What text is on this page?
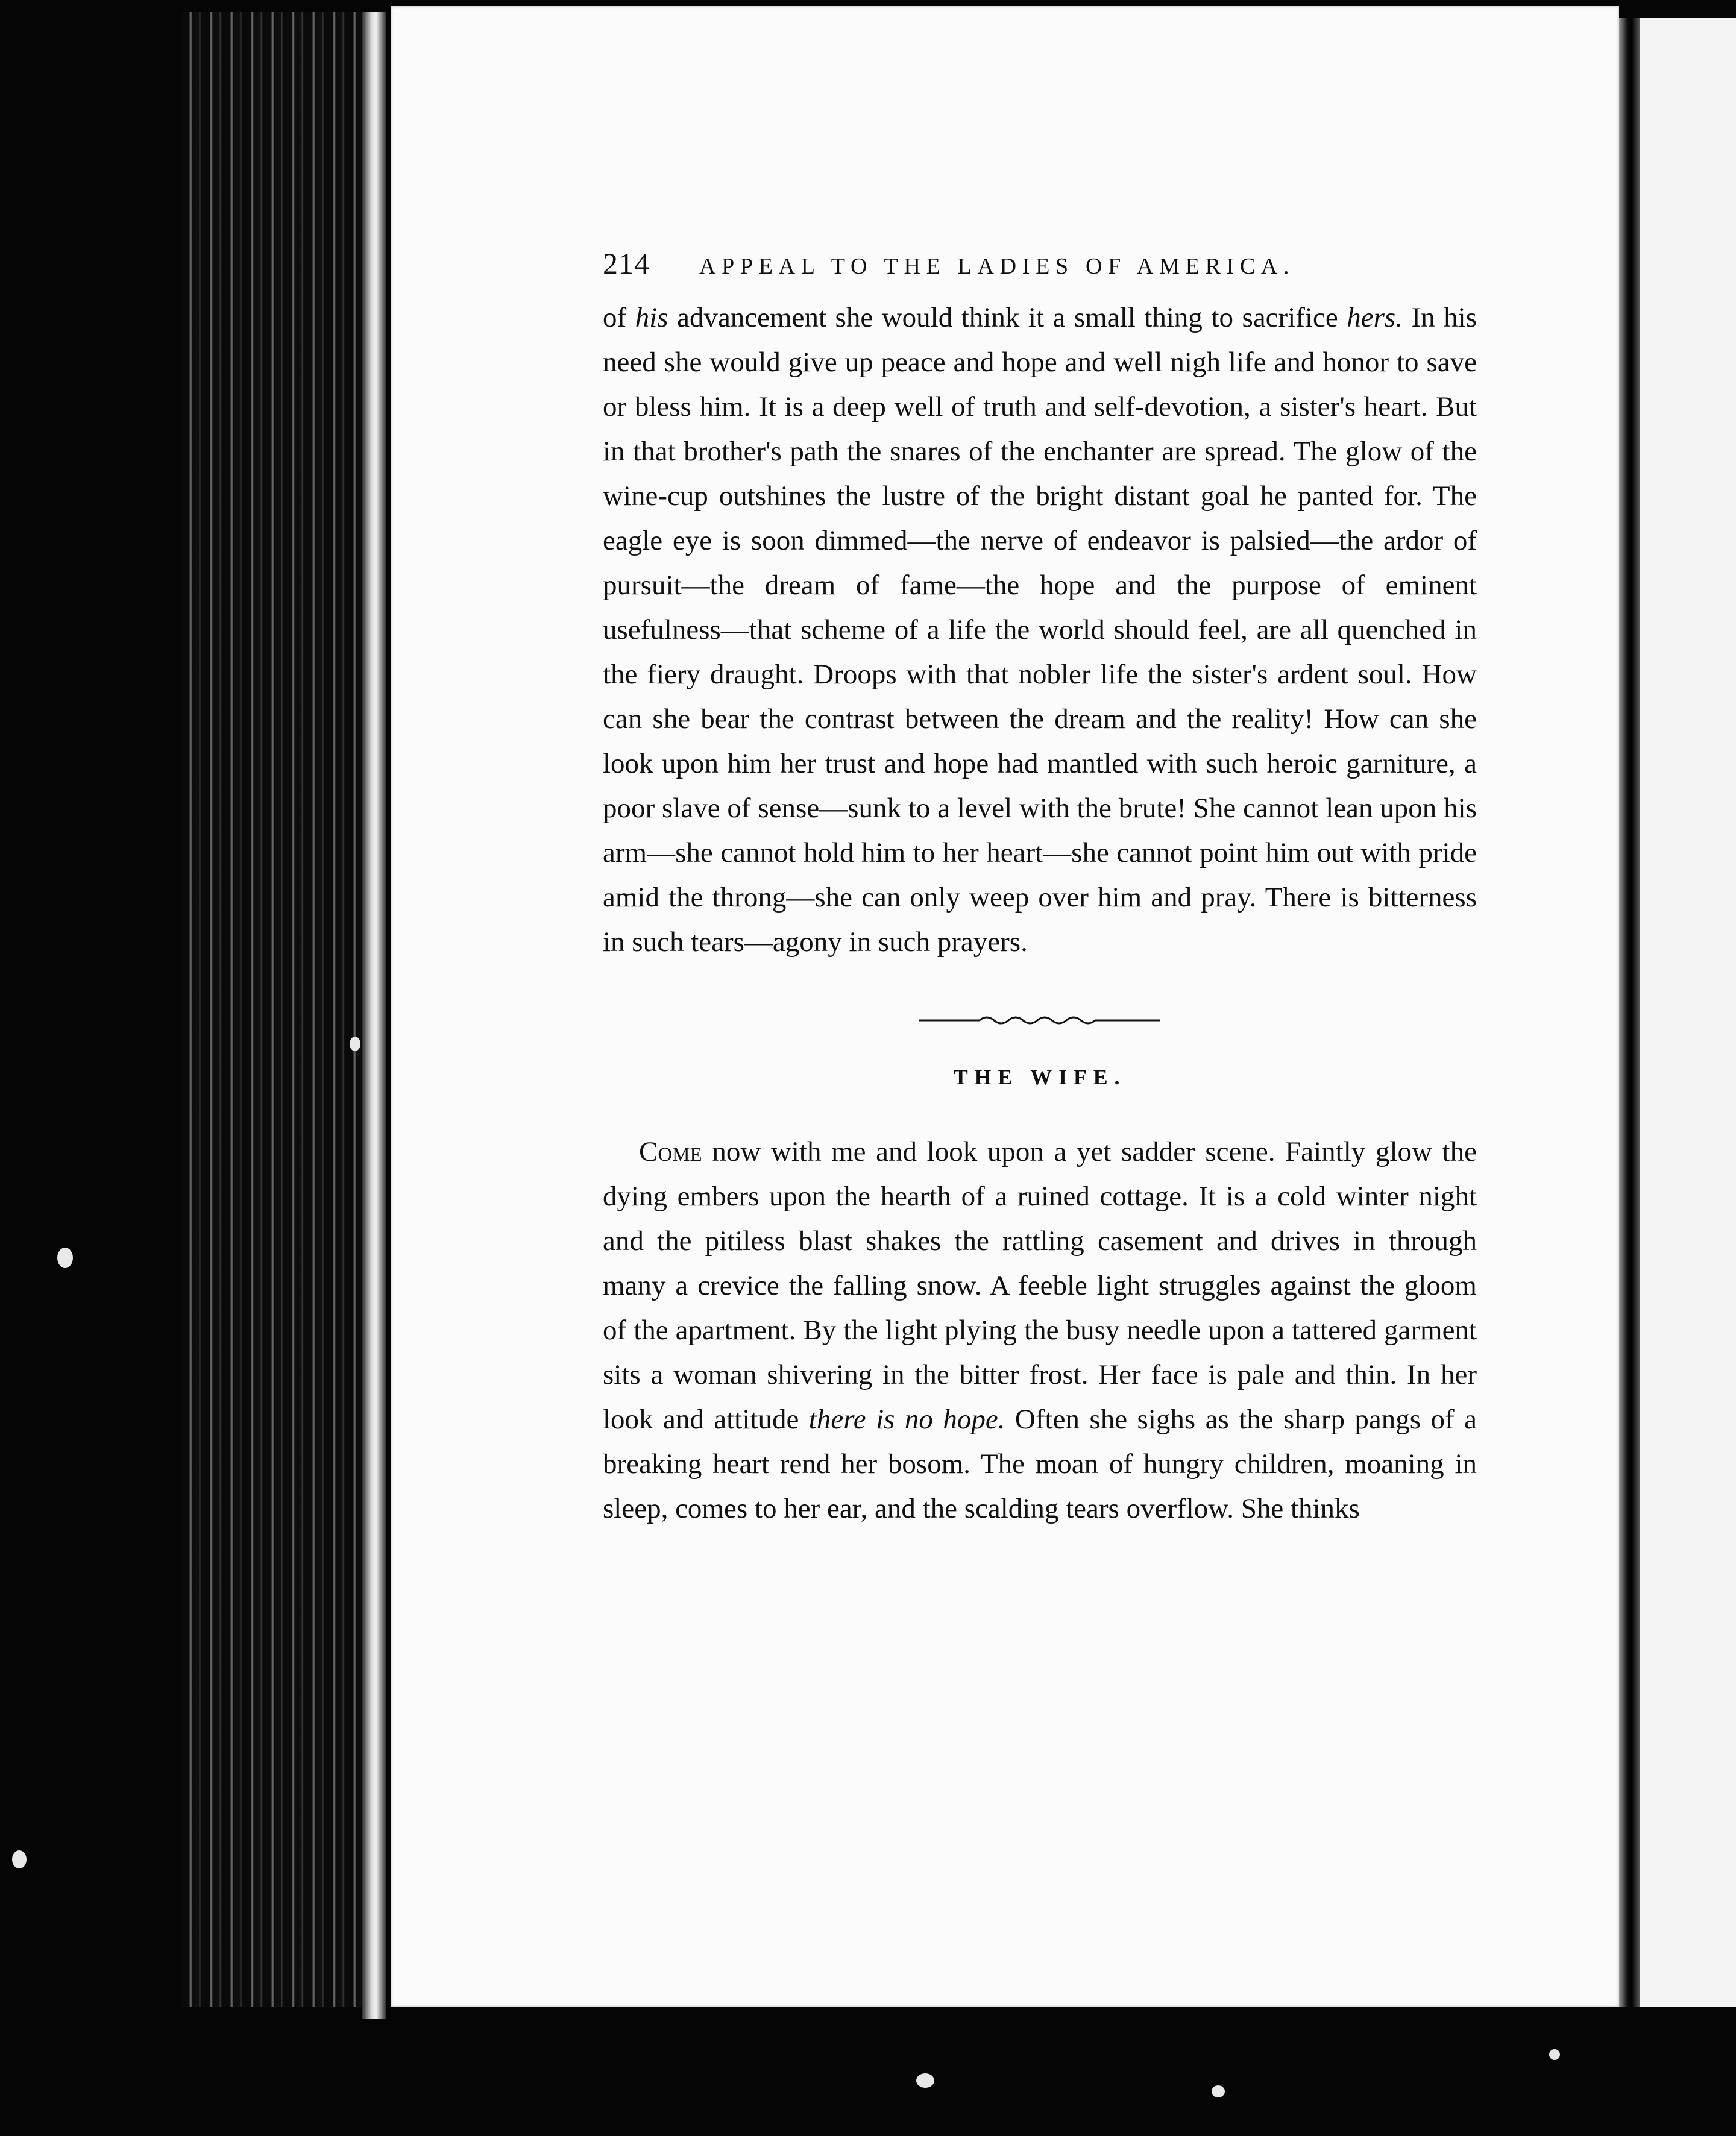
214 APPEAL TO THE LADIES OF AMERICA.

of his advancement she would think it a small thing to sacrifice hers. In his need she would give up peace and hope and well nigh life and honor to save or bless him. It is a deep well of truth and self-devotion, a sister's heart. But in that brother's path the snares of the enchanter are spread. The glow of the wine-cup outshines the lustre of the bright distant goal he panted for. The eagle eye is soon dimmed—the nerve of endeavor is palsied—the ardor of pursuit—the dream of fame—the hope and the purpose of eminent usefulness—that scheme of a life the world should feel, are all quenched in the fiery draught. Droops with that nobler life the sister's ardent soul. How can she bear the contrast between the dream and the reality! How can she look upon him her trust and hope had mantled with such heroic garniture, a poor slave of sense—sunk to a level with the brute! She cannot lean upon his arm—she cannot hold him to her heart—she cannot point him out with pride amid the throng—she can only weep over him and pray. There is bitterness in such tears—agony in such prayers.

THE WIFE.

Come now with me and look upon a yet sadder scene. Faintly glow the dying embers upon the hearth of a ruined cottage. It is a cold winter night and the pitiless blast shakes the rattling casement and drives in through many a crevice the falling snow. A feeble light struggles against the gloom of the apartment. By the light plying the busy needle upon a tattered garment sits a woman shivering in the bitter frost. Her face is pale and thin. In her look and attitude there is no hope. Often she sighs as the sharp pangs of a breaking heart rend her bosom. The moan of hungry children, moaning in sleep, comes to her ear, and the scalding tears overflow. She thinks
